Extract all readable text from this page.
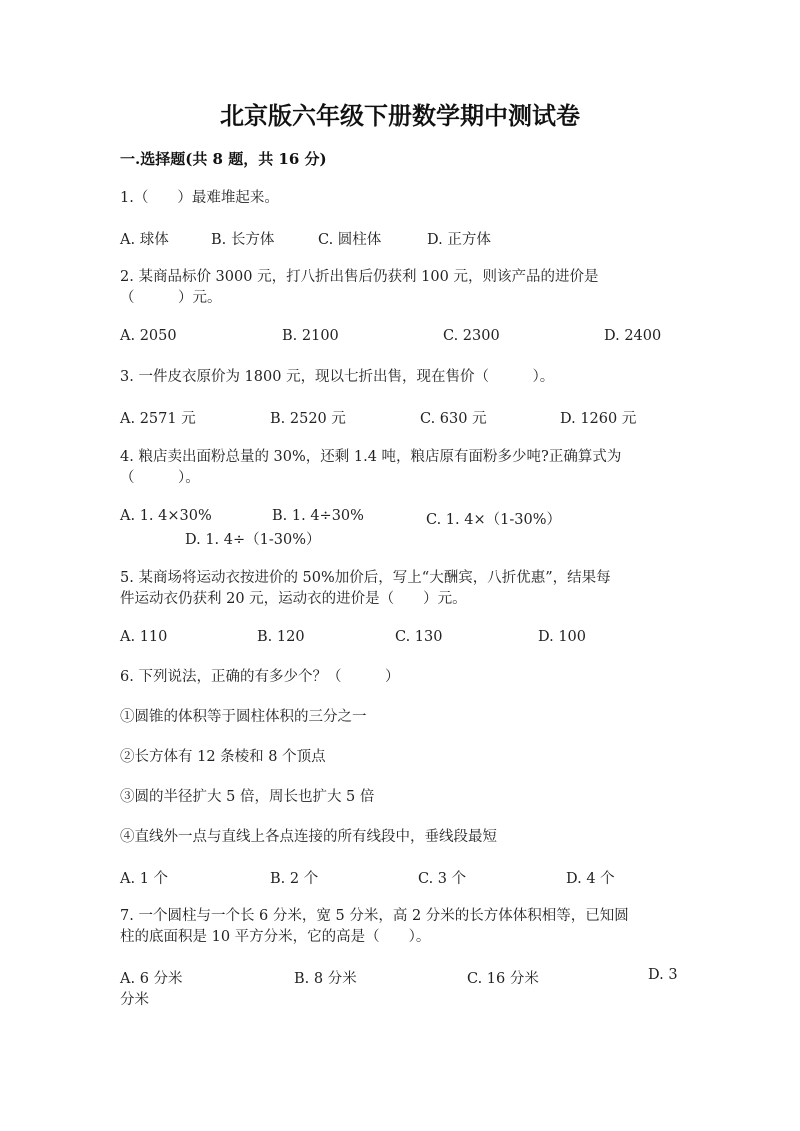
北京版六年级下册数学期中测试卷
一.选择题(共 8 题，共 16 分)
1.（　　）最难堆起来。
A. 球体	B. 长方体	C. 圆柱体	D. 正方体
2. 某商品标价 3000 元，打八折出售后仍获利 100 元，则该产品的进价是
（　　　）元。
A. 2050	B. 2100	C. 2300	D. 2400
3. 一件皮衣原价为 1800 元，现以七折出售，现在售价（　　　）。
A. 2571 元	B. 2520 元	C. 630 元	D. 1260 元
4. 粮店卖出面粉总量的 30%，还剩 1.4 吨，粮店原有面粉多少吨?正确算式为
（　　　）。
A. 1. 4×30%	B. 1. 4÷30%	C. 1. 4×（1-30%）
D. 1. 4÷（1-30%）
5. 某商场将运动衣按进价的 50%加价后，写上“大酬宾，八折优惠”，结果每
件运动衣仍获利 20 元，运动衣的进价是（　　）元。
A. 110	B. 120	C. 130	D. 100
6. 下列说法，正确的有多少个？（　　　）
①圆锥的体积等于圆柱体积的三分之一
②长方体有 12 条棱和 8 个顶点
③圆的半径扩大 5 倍，周长也扩大 5 倍
④直线外一点与直线上各点连接的所有线段中，垂线段最短
A. 1 个	B. 2 个	C. 3 个	D. 4 个
7. 一个圆柱与一个长 6 分米，宽 5 分米，高 2 分米的长方体体积相等，已知圆
柱的底面积是 10 平方分米，它的高是（　　）。
A. 6 分米	B. 8 分米	C. 16 分米	D. 3
分米
